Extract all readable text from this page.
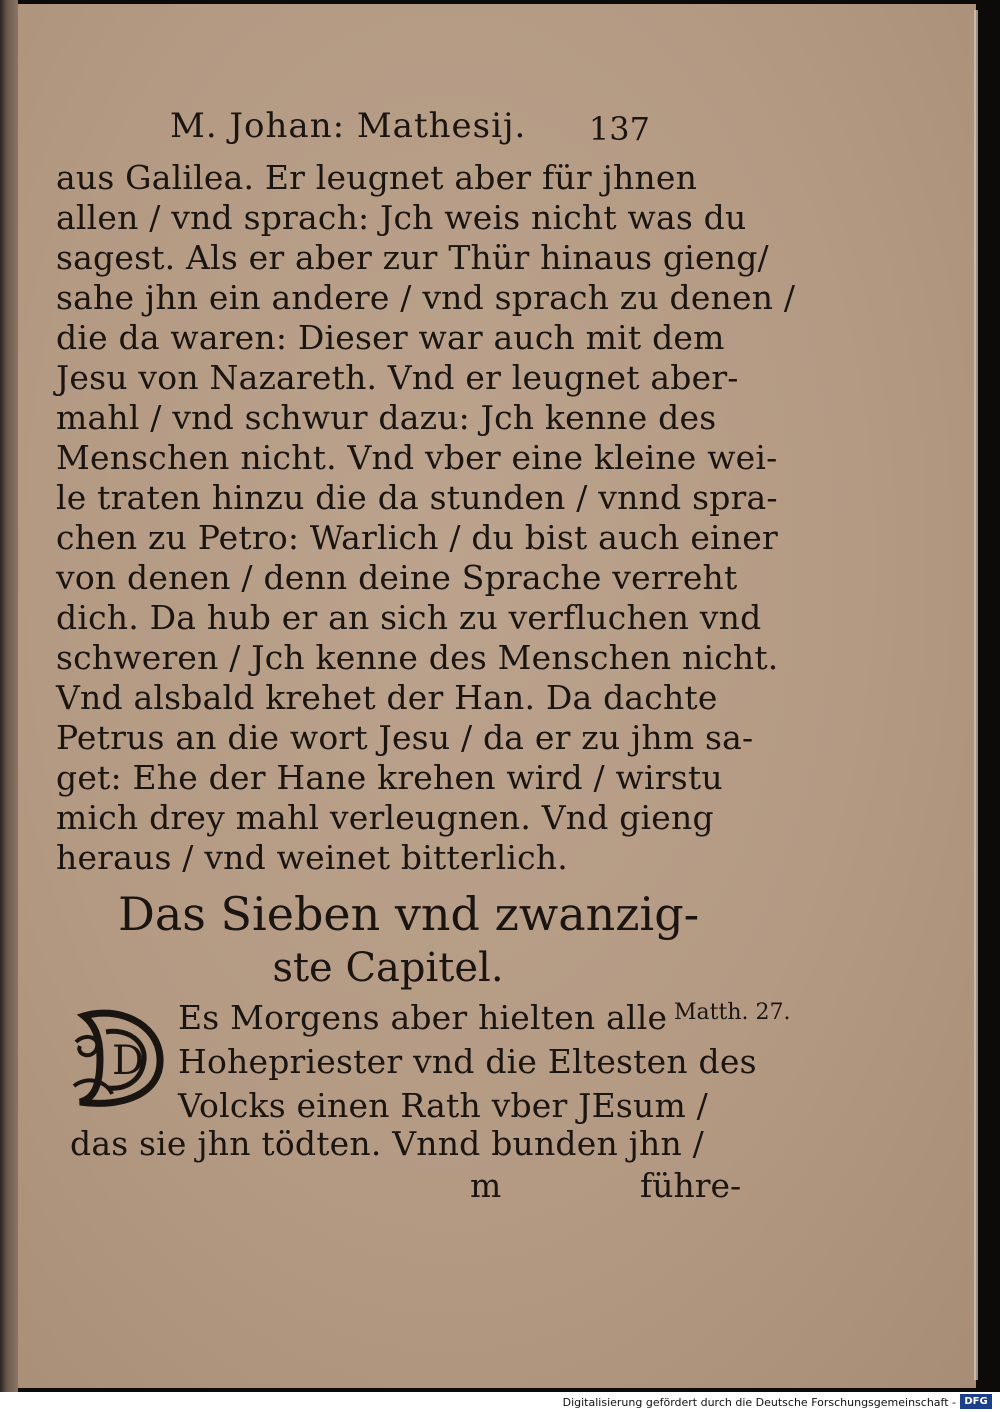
M. Johan: Mathesij. 137
aus Galilea. Er leugnet aber für jhnen
allen / vnd sprach: Jch weis nicht was du
sagest. Als er aber zur Thür hinaus gieng/
sahe jhn ein andere / vnd sprach zu denen /
die da waren: Dieser war auch mit dem
Jesu von Nazareth. Vnd er leugnet aber-
mahl / vnd schwur dazu: Jch kenne des
Menschen nicht. Vnd vber eine kleine wei-
le traten hinzu die da stunden / vnnd spra-
chen zu Petro: Warlich / du bist auch einer
von denen / denn deine Sprache verreht
dich. Da hub er an sich zu verfluchen vnd
schweren / Jch kenne des Menschen nicht.
Vnd alsbald krehet der Han. Da dachte
Petrus an die wort Jesu / da er zu jhm sa-
get: Ehe der Hane krehen wird / wirstu
mich drey mahl verleugnen. Vnd gieng
heraus / vnd weinet bitterlich.
Das Sieben vnd zwanzig-
ste Capitel.
D
Es Morgens aber hielten alle
Hohepriester vnd die Eltesten des
Volcks einen Rath vber JEsum /
das sie jhn tödten. Vnnd bunden jhn /
m	führe-
Matth. 27.
Digitalisierung gefördert durch die Deutsche Forschungsgemeinschaft - DFG
